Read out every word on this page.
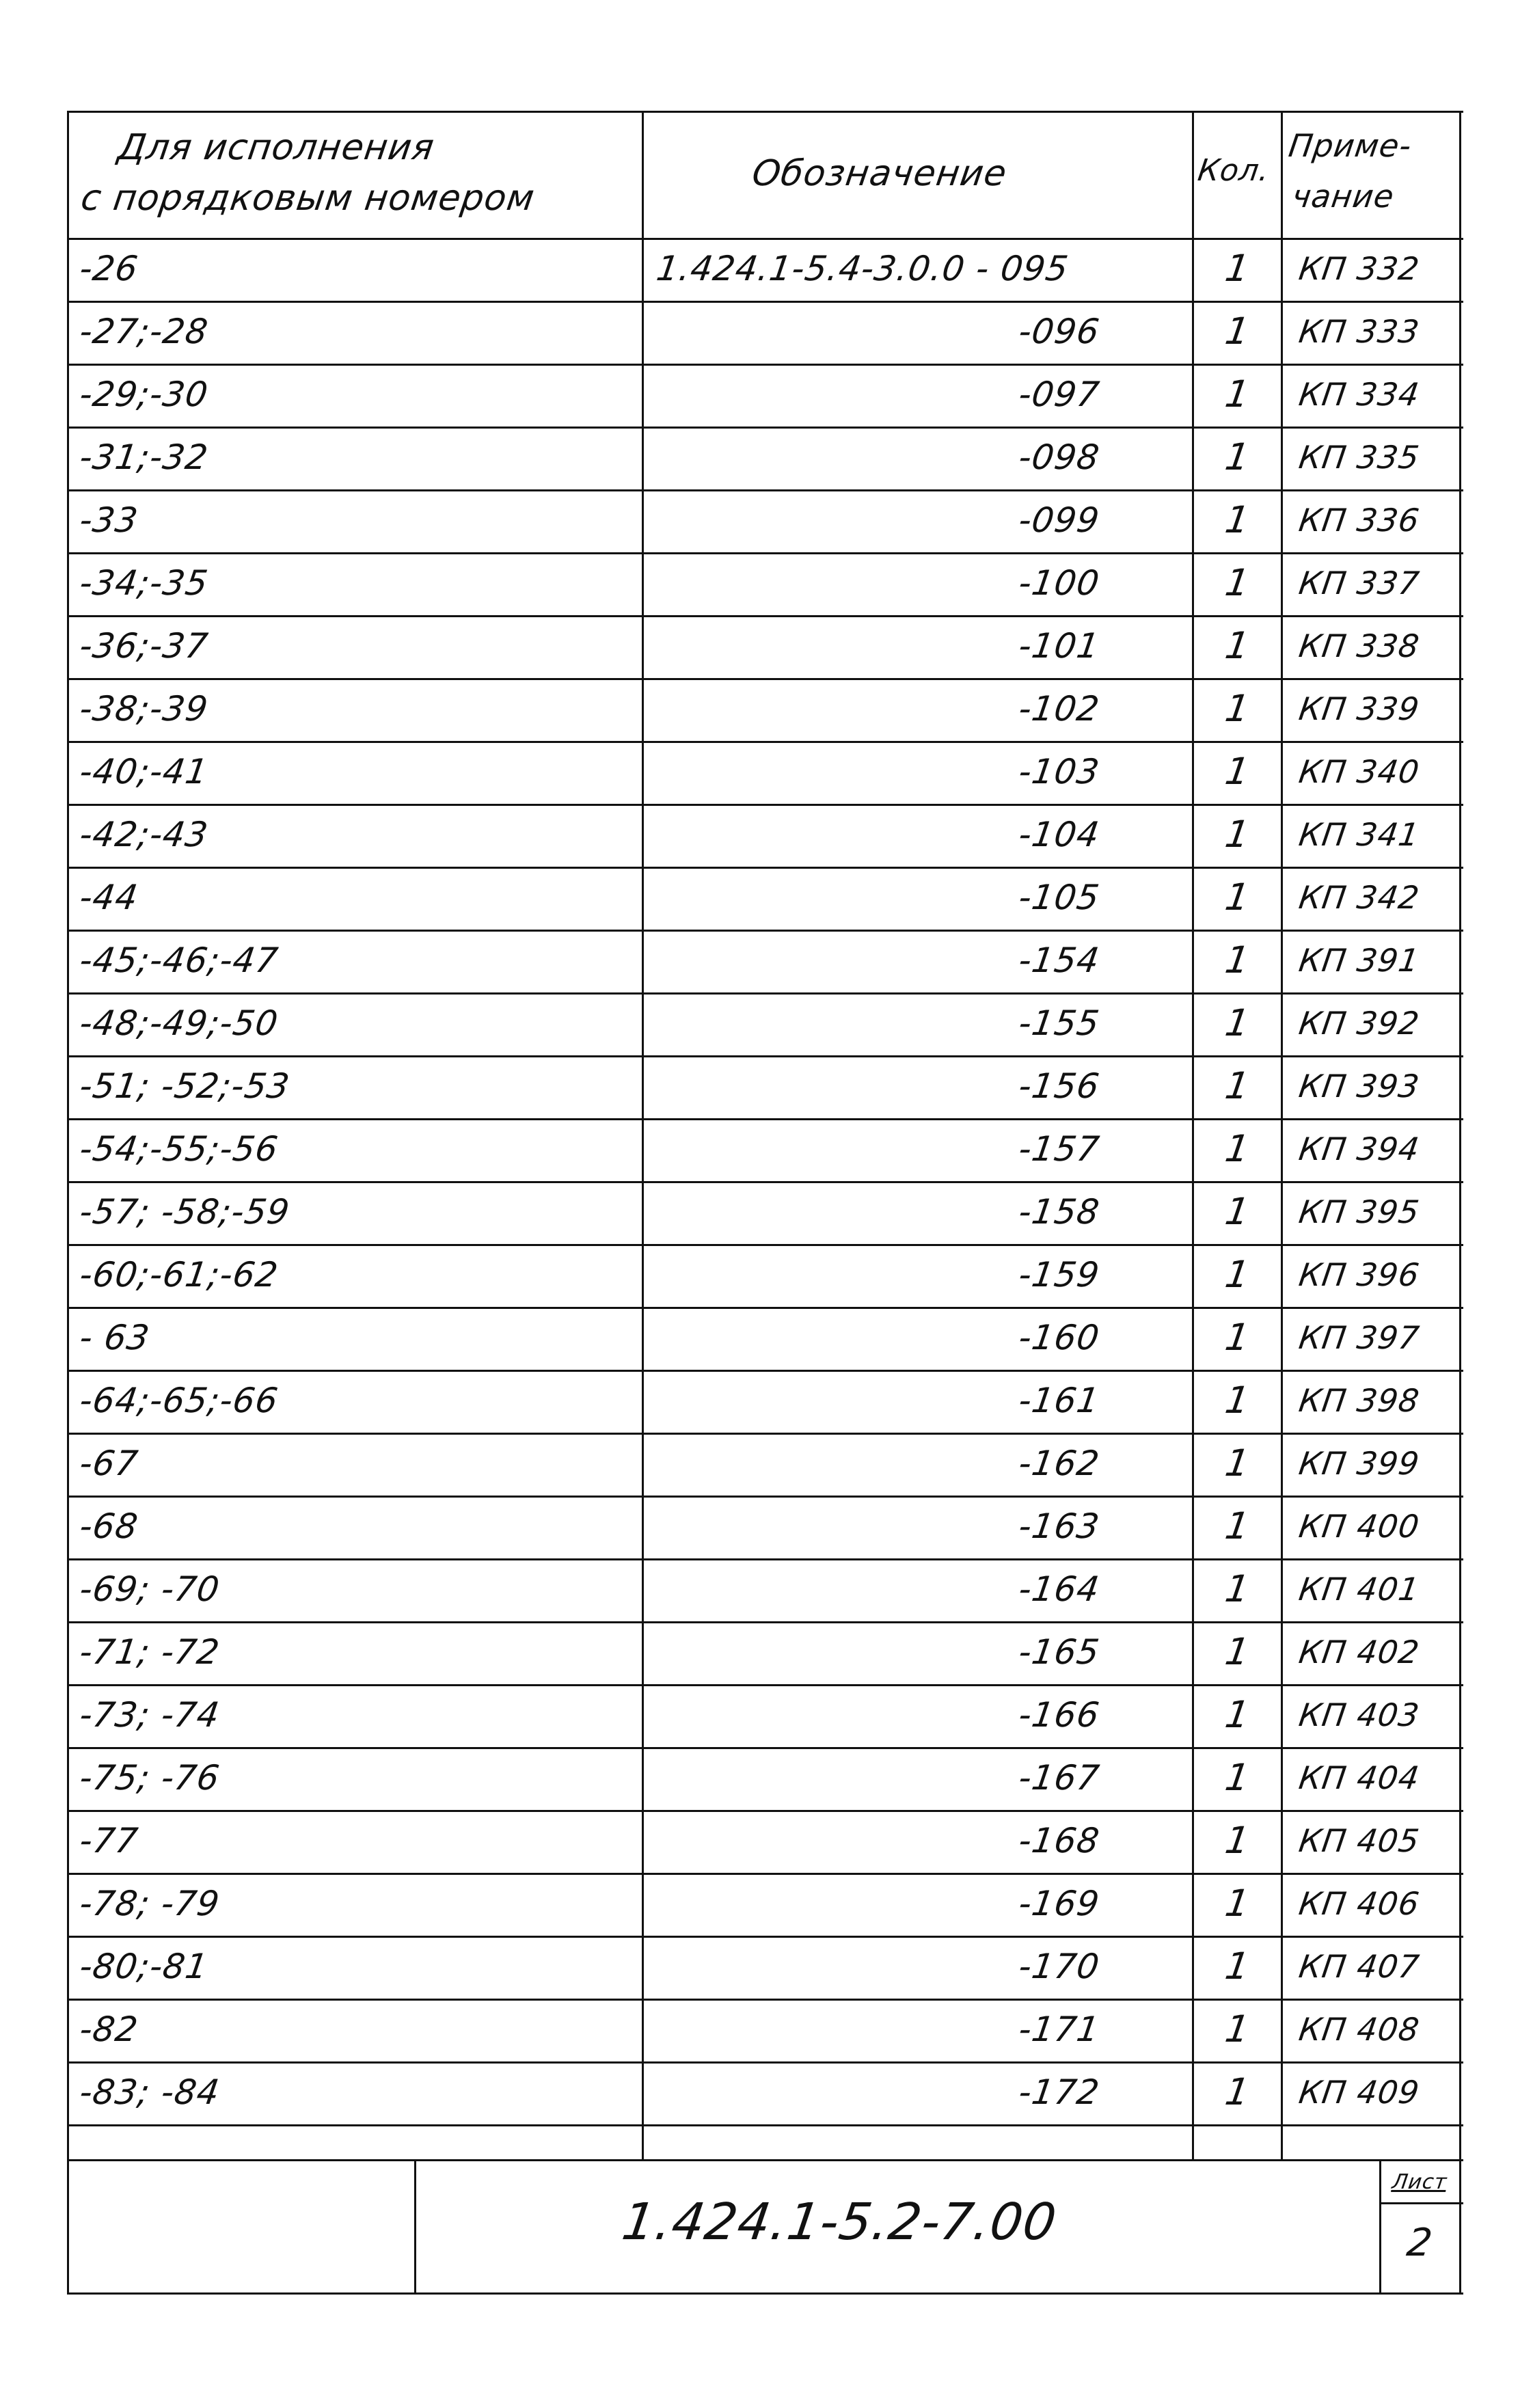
Для исполнения
с порядковым номером
Обозначение	Кол.
Приме-
чание
-26	1.424.1-5.4-3.0.0 - 095	1 КП 332
-27;-28	-096	1 КП 333
-29;-30	-097	1 КП 334
-31;-32	-098	1 КП 335
-33	-099	1 КП 336
-34;-35	-100	1 КП 337
-36;-37	-101	1 КП 338
-38;-39	-102	1 КП 339
-40;-41	-103	1 КП 340
-42;-43	-104	1 КП 341
-44	-105	1 КП 342
-45;-46;-47	-154	1 КП 391
-48;-49;-50	-155	1 КП 392
-51; -52;-53	-156	1 КП 393
-54;-55;-56	-157	1 КП 394
-57; -58;-59	-158	1 КП 395
-60;-61;-62	-159	1 КП 396
- 63	-160	1 КП 397
-64;-65;-66	-161	1 КП 398
-67	-162	1 КП 399
-68	-163	1 КП 400
-69; -70	-164	1 КП 401
-71; -72	-165	1 КП 402
-73; -74	-166	1 КП 403
-75; -76	-167	1 КП 404
-77	-168	1 КП 405
-78; -79	-169	1 КП 406
-80;-81	-170	1 КП 407
-82	-171	1 КП 408
-83; -84	-172	1 КП 409
1.424.1-5.2-7.00
Лист
2
